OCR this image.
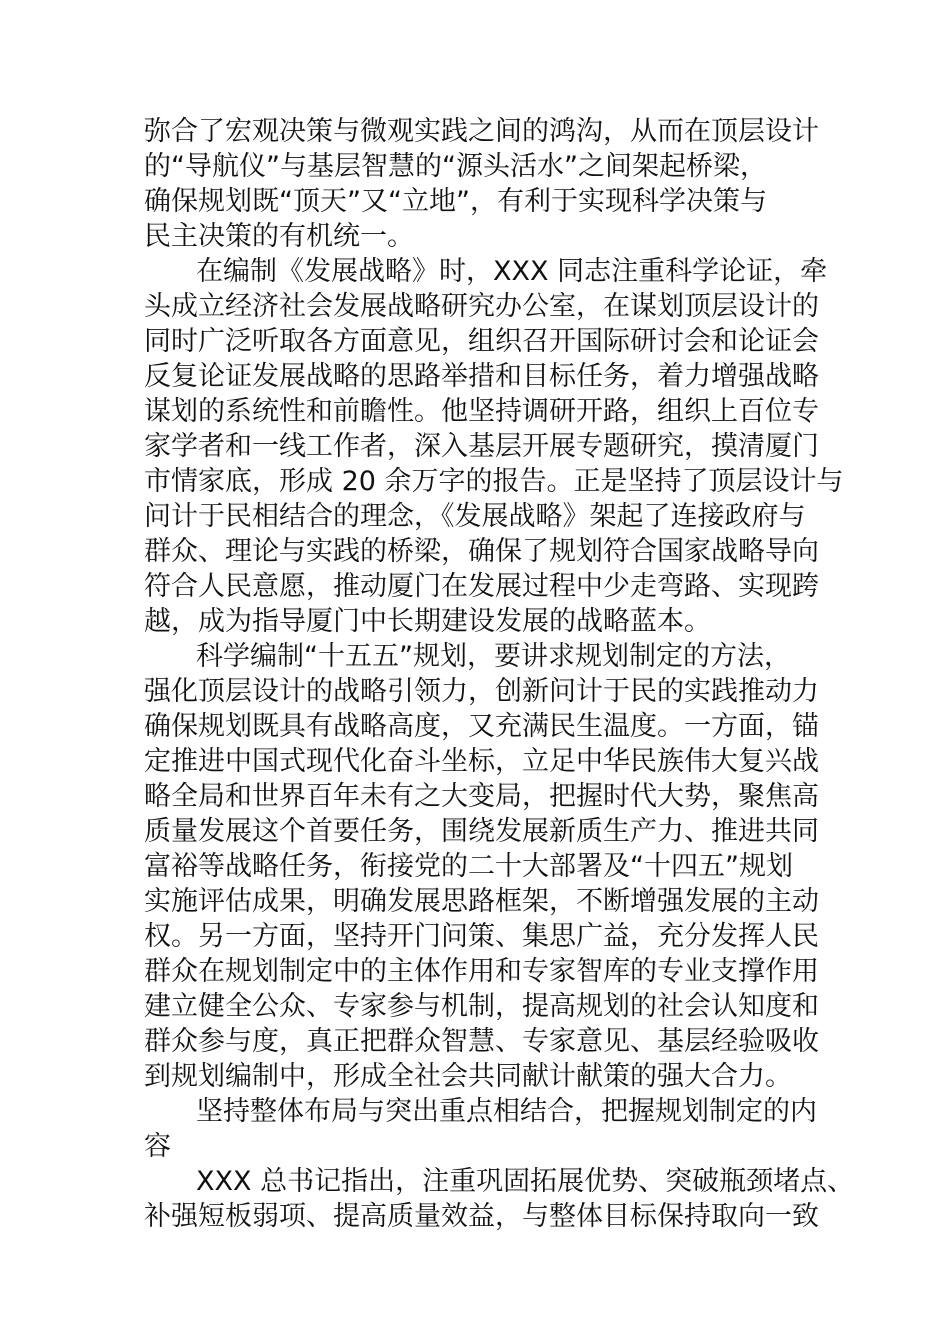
弥合了宏观决策与微观实践之间的鸿沟，从而在顶层设计
的“导航仪”与基层智慧的“源头活水”之间架起桥梁，
确保规划既“顶天”又“立地”，有利于实现科学决策与
民主决策的有机统一。
在编制《发展战略》时，XXX 同志注重科学论证，牵
头成立经济社会发展战略研究办公室，在谋划顶层设计的
同时广泛听取各方面意见，组织召开国际研讨会和论证会
反复论证发展战略的思路举措和目标任务，着力增强战略
谋划的系统性和前瞻性。他坚持调研开路，组织上百位专
家学者和一线工作者，深入基层开展专题研究，摸清厦门
市情家底，形成 20 余万字的报告。正是坚持了顶层设计与
问计于民相结合的理念，《发展战略》架起了连接政府与
群众、理论与实践的桥梁，确保了规划符合国家战略导向
符合人民意愿，推动厦门在发展过程中少走弯路、实现跨
越，成为指导厦门中长期建设发展的战略蓝本。
科学编制“十五五”规划，要讲求规划制定的方法，
强化顶层设计的战略引领力，创新问计于民的实践推动力
确保规划既具有战略高度，又充满民生温度。一方面，锚
定推进中国式现代化奋斗坐标，立足中华民族伟大复兴战
略全局和世界百年未有之大变局，把握时代大势，聚焦高
质量发展这个首要任务，围绕发展新质生产力、推进共同
富裕等战略任务，衔接党的二十大部署及“十四五”规划
实施评估成果，明确发展思路框架，不断增强发展的主动
权。另一方面，坚持开门问策、集思广益，充分发挥人民
群众在规划制定中的主体作用和专家智库的专业支撑作用
建立健全公众、专家参与机制，提高规划的社会认知度和
群众参与度，真正把群众智慧、专家意见、基层经验吸收
到规划编制中，形成全社会共同献计献策的强大合力。
坚持整体布局与突出重点相结合，把握规划制定的内
容
XXX 总书记指出，注重巩固拓展优势、突破瓶颈堵点、
补强短板弱项、提高质量效益，与整体目标保持取向一致
